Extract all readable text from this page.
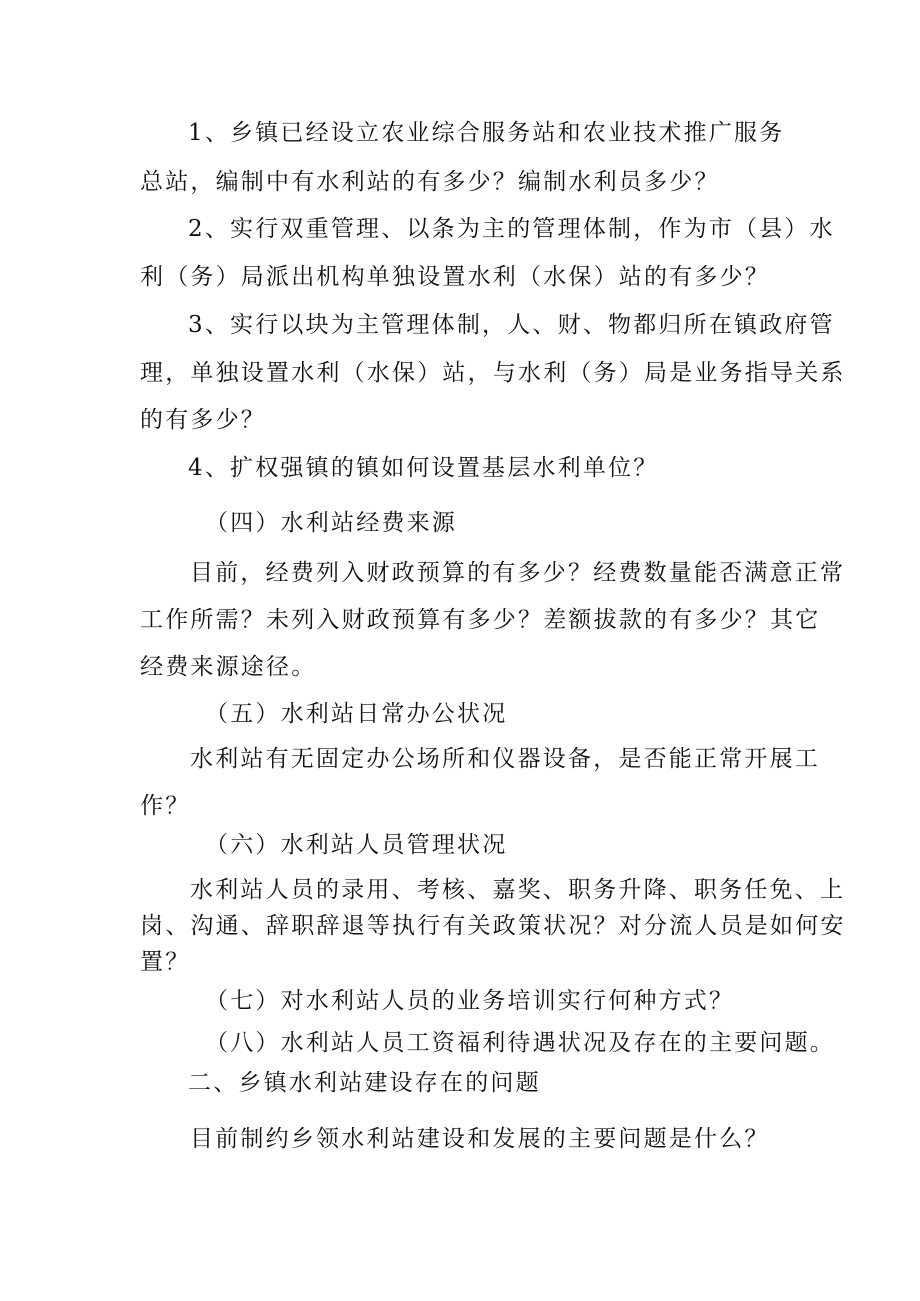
1、乡镇已经设立农业综合服务站和农业技术推广服务
总站，编制中有水利站的有多少？编制水利员多少？
2、实行双重管理、以条为主的管理体制，作为市（县）水
利（务）局派出机构单独设置水利（水保）站的有多少？
3、实行以块为主管理体制，人、财、物都归所在镇政府管
理，单独设置水利（水保）站，与水利（务）局是业务指导关系
的有多少？
4、扩权强镇的镇如何设置基层水利单位？
（四）水利站经费来源
目前，经费列入财政预算的有多少？经费数量能否满意正常
工作所需？未列入财政预算有多少？差额拔款的有多少？其它
经费来源途径。
（五）水利站日常办公状况
水利站有无固定办公场所和仪器设备，是否能正常开展工
作？
（六）水利站人员管理状况
水利站人员的录用、考核、嘉奖、职务升降、职务任免、上
岗、沟通、辞职辞退等执行有关政策状况？对分流人员是如何安
置？
（七）对水利站人员的业务培训实行何种方式？
（八）水利站人员工资福利待遇状况及存在的主要问题。
二、乡镇水利站建设存在的问题
目前制约乡领水利站建设和发展的主要问题是什么？
